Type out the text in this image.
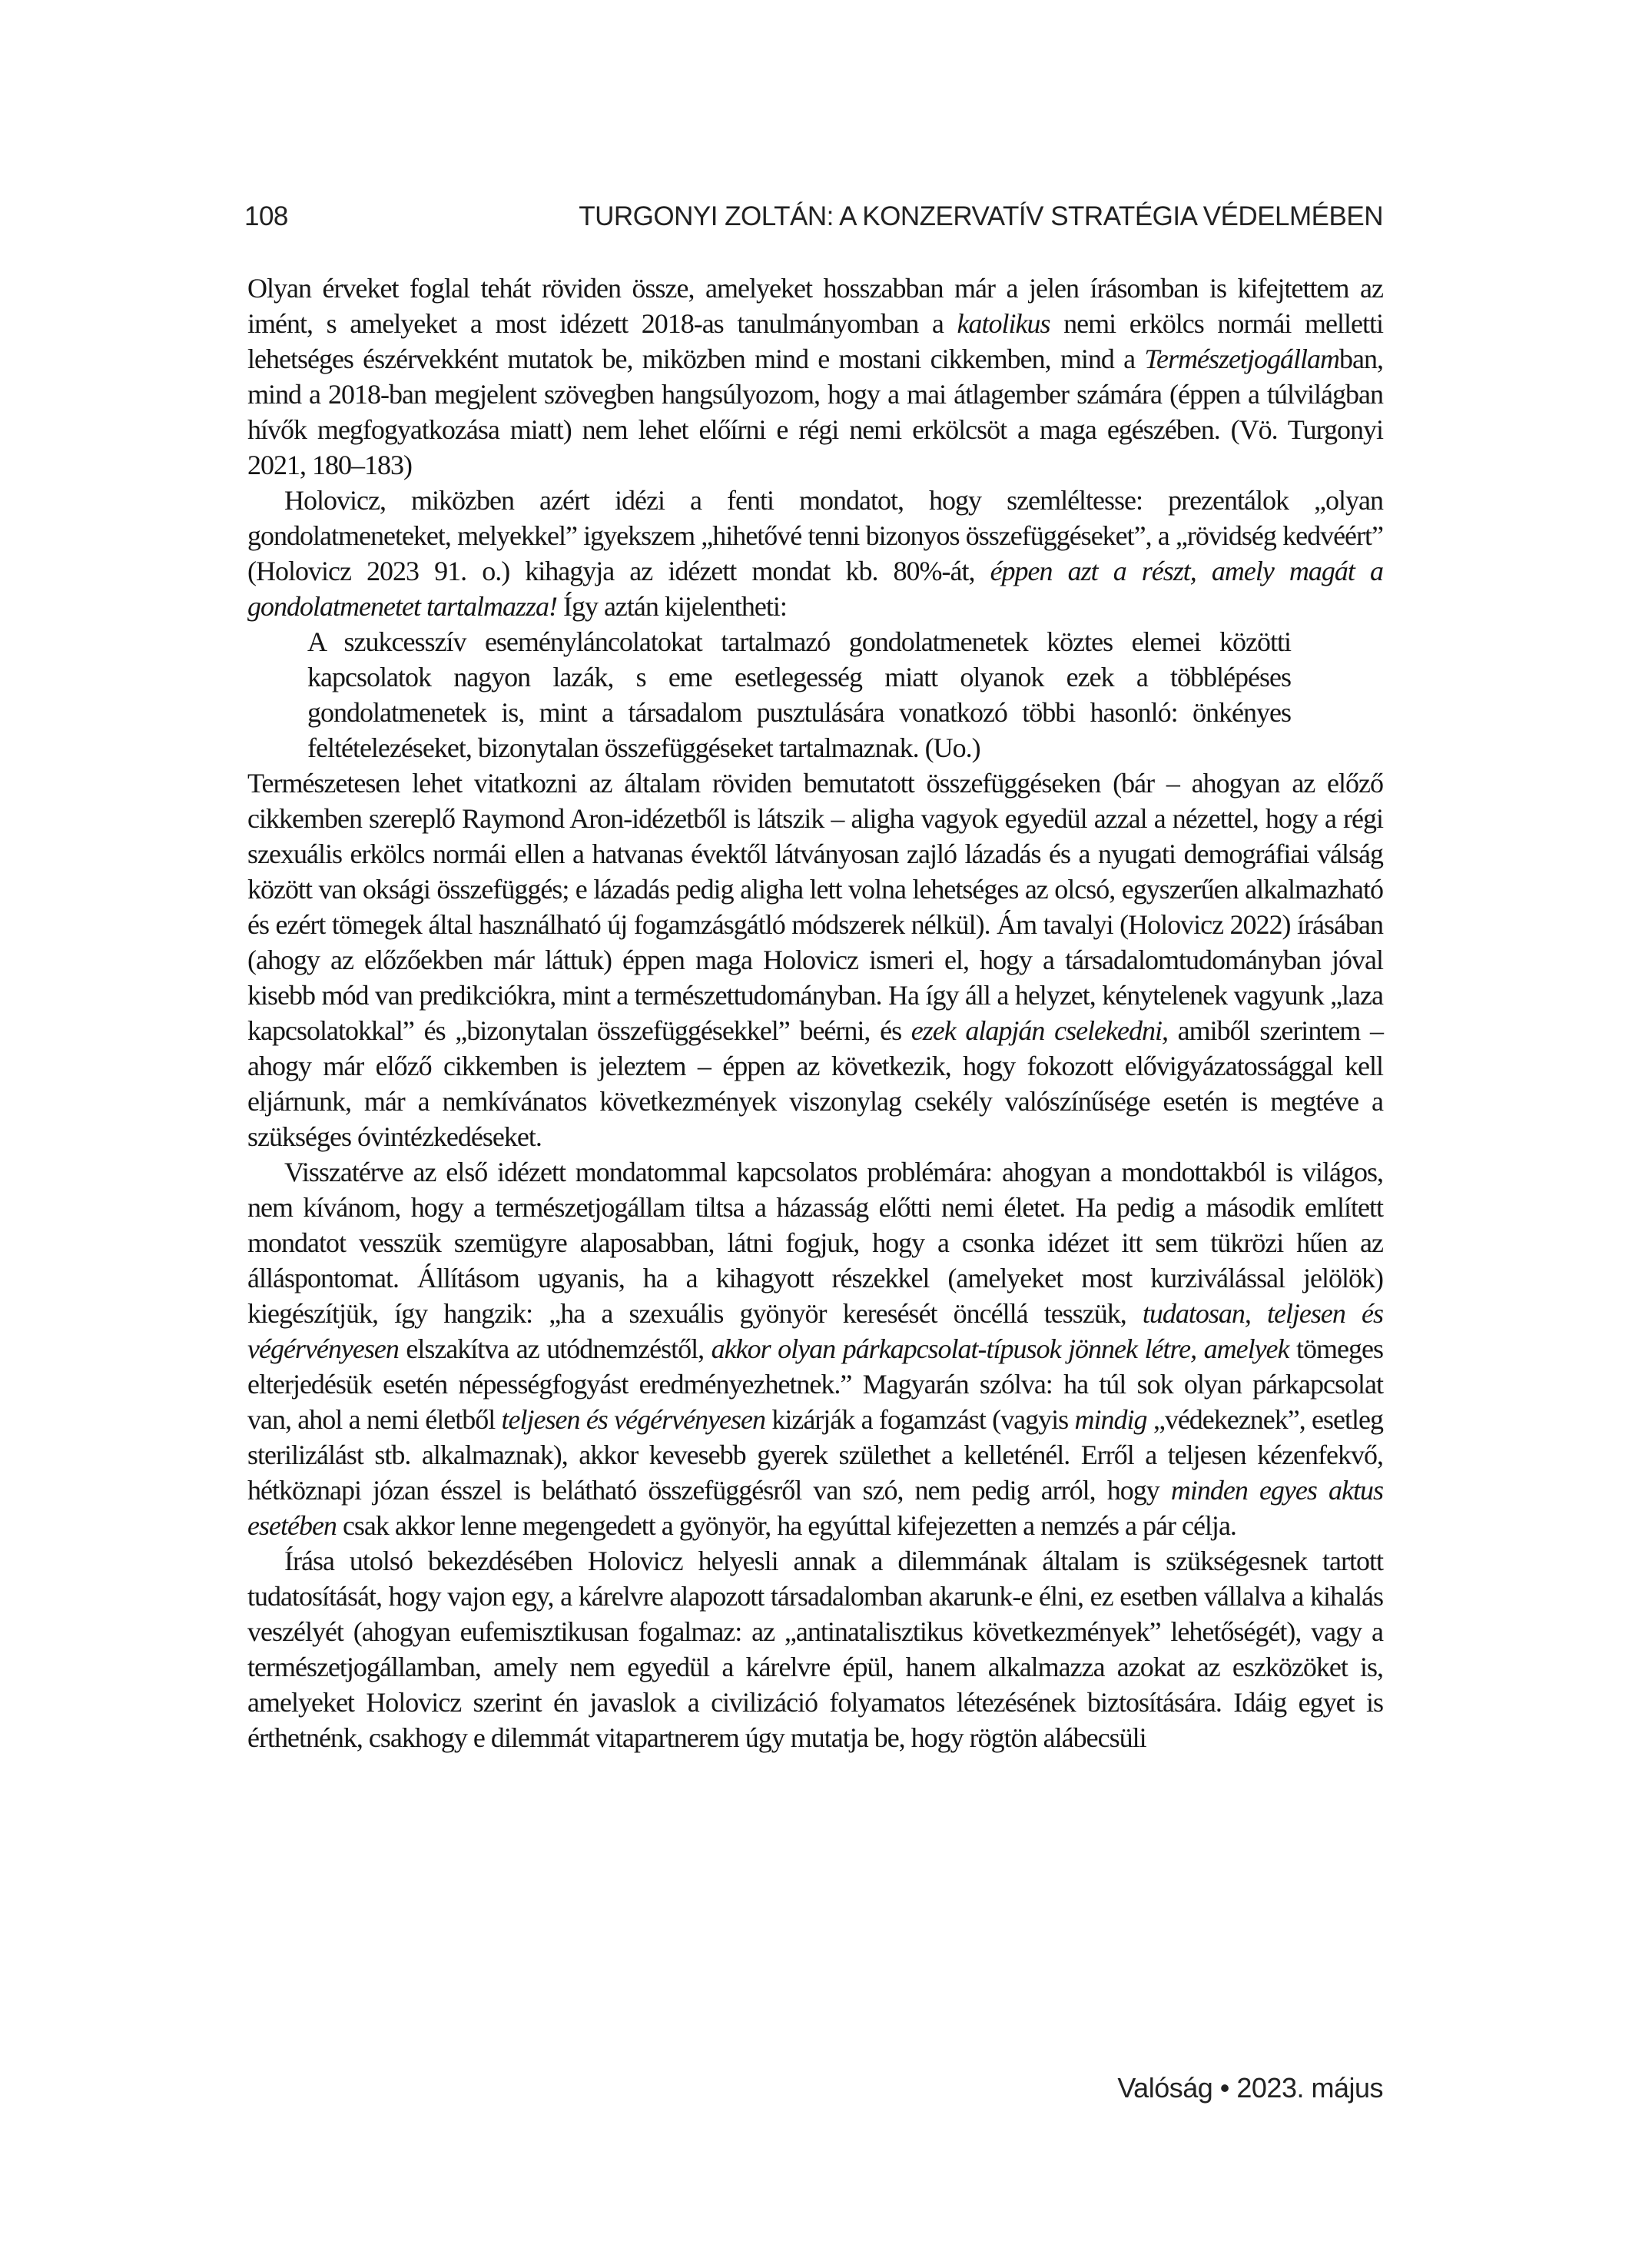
108	TURGONYI ZOLTÁN: A KONZERVATÍV STRATÉGIA VÉDELMÉBEN

Olyan érveket foglal tehát röviden össze, amelyeket hosszabban már a jelen írásomban is kifejtettem az imént, s amelyeket a most idézett 2018-as tanulmányomban a katolikus nemi erkölcs normái melletti lehetséges észérvekként mutatok be, miközben mind e mostani cikkemben, mind a Természetjogállamban, mind a 2018-ban megjelent szövegben hangsúlyozom, hogy a mai átlagember számára (éppen a túlvilágban hívők megfogyatkozása miatt) nem lehet előírni e régi nemi erkölcsöt a maga egészében. (Vö. Turgonyi 2021, 180–183)

Holovicz, miközben azért idézi a fenti mondatot, hogy szemléltesse: prezentálok „olyan gondolatmeneteket, melyekkel” igyekszem „hihetővé tenni bizonyos összefüggéseket”, a „rövidség kedvéért” (Holovicz 2023 91. o.) kihagyja az idézett mondat kb. 80%-át, éppen azt a részt, amely magát a gondolatmenetet tartalmazza! Így aztán kijelentheti:

A szukcesszív eseményláncolatokat tartalmazó gondolatmenetek köztes elemei közötti kapcsolatok nagyon lazák, s eme esetlegesség miatt olyanok ezek a többlépéses gondolatmenetek is, mint a társadalom pusztulására vonatkozó többi hasonló: önkényes feltételezéseket, bizonytalan összefüggéseket tartalmaznak. (Uo.)

Természetesen lehet vitatkozni az általam röviden bemutatott összefüggéseken (bár – ahogyan az előző cikkemben szereplő Raymond Aron-idézetből is látszik – aligha vagyok egyedül azzal a nézettel, hogy a régi szexuális erkölcs normái ellen a hatvanas évektől látványosan zajló lázadás és a nyugati demográfiai válság között van oksági összefüggés; e lázadás pedig aligha lett volna lehetséges az olcsó, egyszerűen alkalmazható és ezért tömegek által használható új fogamzásgátló módszerek nélkül). Ám tavalyi (Holovicz 2022) írásában (ahogy az előzőekben már láttuk) éppen maga Holovicz ismeri el, hogy a társadalomtudományban jóval kisebb mód van predikciókra, mint a természettudományban. Ha így áll a helyzet, kénytelenek vagyunk „laza kapcsolatokkal” és „bizonytalan összefüggésekkel” beérni, és ezek alapján cselekedni, amiből szerintem – ahogy már előző cikkemben is jeleztem – éppen az következik, hogy fokozott elővigyázatossággal kell eljárnunk, már a nemkívánatos következmények viszonylag csekély valószínűsége esetén is megtéve a szükséges óvintézkedéseket.

Visszatérve az első idézett mondatommal kapcsolatos problémára: ahogyan a mondottakból is világos, nem kívánom, hogy a természetjogállam tiltsa a házasság előtti nemi életet. Ha pedig a második említett mondatot vesszük szemügyre alaposabban, látni fogjuk, hogy a csonka idézet itt sem tükrözi hűen az álláspontomat. Állításom ugyanis, ha a kihagyott részekkel (amelyeket most kurziválással jelölök) kiegészítjük, így hangzik: „ha a szexuális gyönyör keresését öncéllá tesszük, tudatosan, teljesen és végérvényesen elszakítva az utódnemzéstől, akkor olyan párkapcsolat-típusok jönnek létre, amelyek tömeges elterjedésük esetén népességfogyást eredményezhetnek.” Magyarán szólva: ha túl sok olyan párkapcsolat van, ahol a nemi életből teljesen és végérvényesen kizárják a fogamzást (vagyis mindig „védekeznek”, esetleg sterilizálást stb. alkalmaznak), akkor kevesebb gyerek születhet a kelleténél. Erről a teljesen kézenfekvő, hétköznapi józan ésszel is belátható összefüggésről van szó, nem pedig arról, hogy minden egyes aktus esetében csak akkor lenne megengedett a gyönyör, ha egyúttal kifejezetten a nemzés a pár célja.

Írása utolsó bekezdésében Holovicz helyesli annak a dilemmának általam is szükségesnek tartott tudatosítását, hogy vajon egy, a kárelvre alapozott társadalomban akarunk-e élni, ez esetben vállalva a kihalás veszélyét (ahogyan eufemisztikusan fogalmaz: az „antinatalisztikus következmények” lehetőségét), vagy a természetjogállamban, amely nem egyedül a kárelvre épül, hanem alkalmazza azokat az eszközöket is, amelyeket Holovicz szerint én javaslok a civilizáció folyamatos létezésének biztosítására. Idáig egyet is érthetnénk, csakhogy e dilemmát vitapartnerem úgy mutatja be, hogy rögtön alábecsüli

Valóság • 2023. május
